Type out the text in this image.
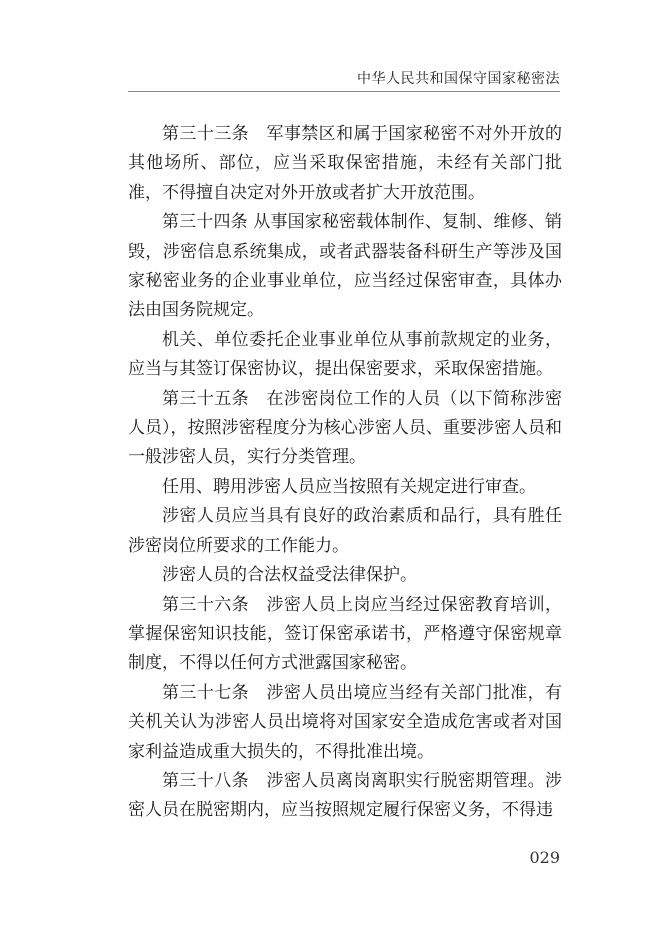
中华人民共和国保守国家秘密法

第三十三条　军事禁区和属于国家秘密不对外开放的其他场所、部位，应当采取保密措施，未经有关部门批准，不得擅自决定对外开放或者扩大开放范围。

第三十四条 从事国家秘密载体制作、复制、维修、销毁，涉密信息系统集成，或者武器装备科研生产等涉及国家秘密业务的企业事业单位，应当经过保密审查，具体办法由国务院规定。

机关、单位委托企业事业单位从事前款规定的业务，应当与其签订保密协议，提出保密要求，采取保密措施。

第三十五条　在涉密岗位工作的人员（以下简称涉密人员），按照涉密程度分为核心涉密人员、重要涉密人员和一般涉密人员，实行分类管理。

任用、聘用涉密人员应当按照有关规定进行审查。

涉密人员应当具有良好的政治素质和品行，具有胜任涉密岗位所要求的工作能力。

涉密人员的合法权益受法律保护。

第三十六条　涉密人员上岗应当经过保密教育培训，掌握保密知识技能，签订保密承诺书，严格遵守保密规章制度，不得以任何方式泄露国家秘密。

第三十七条　涉密人员出境应当经有关部门批准，有关机关认为涉密人员出境将对国家安全造成危害或者对国家利益造成重大损失的，不得批准出境。

第三十八条　涉密人员离岗离职实行脱密期管理。涉密人员在脱密期内，应当按照规定履行保密义务，不得违

029
